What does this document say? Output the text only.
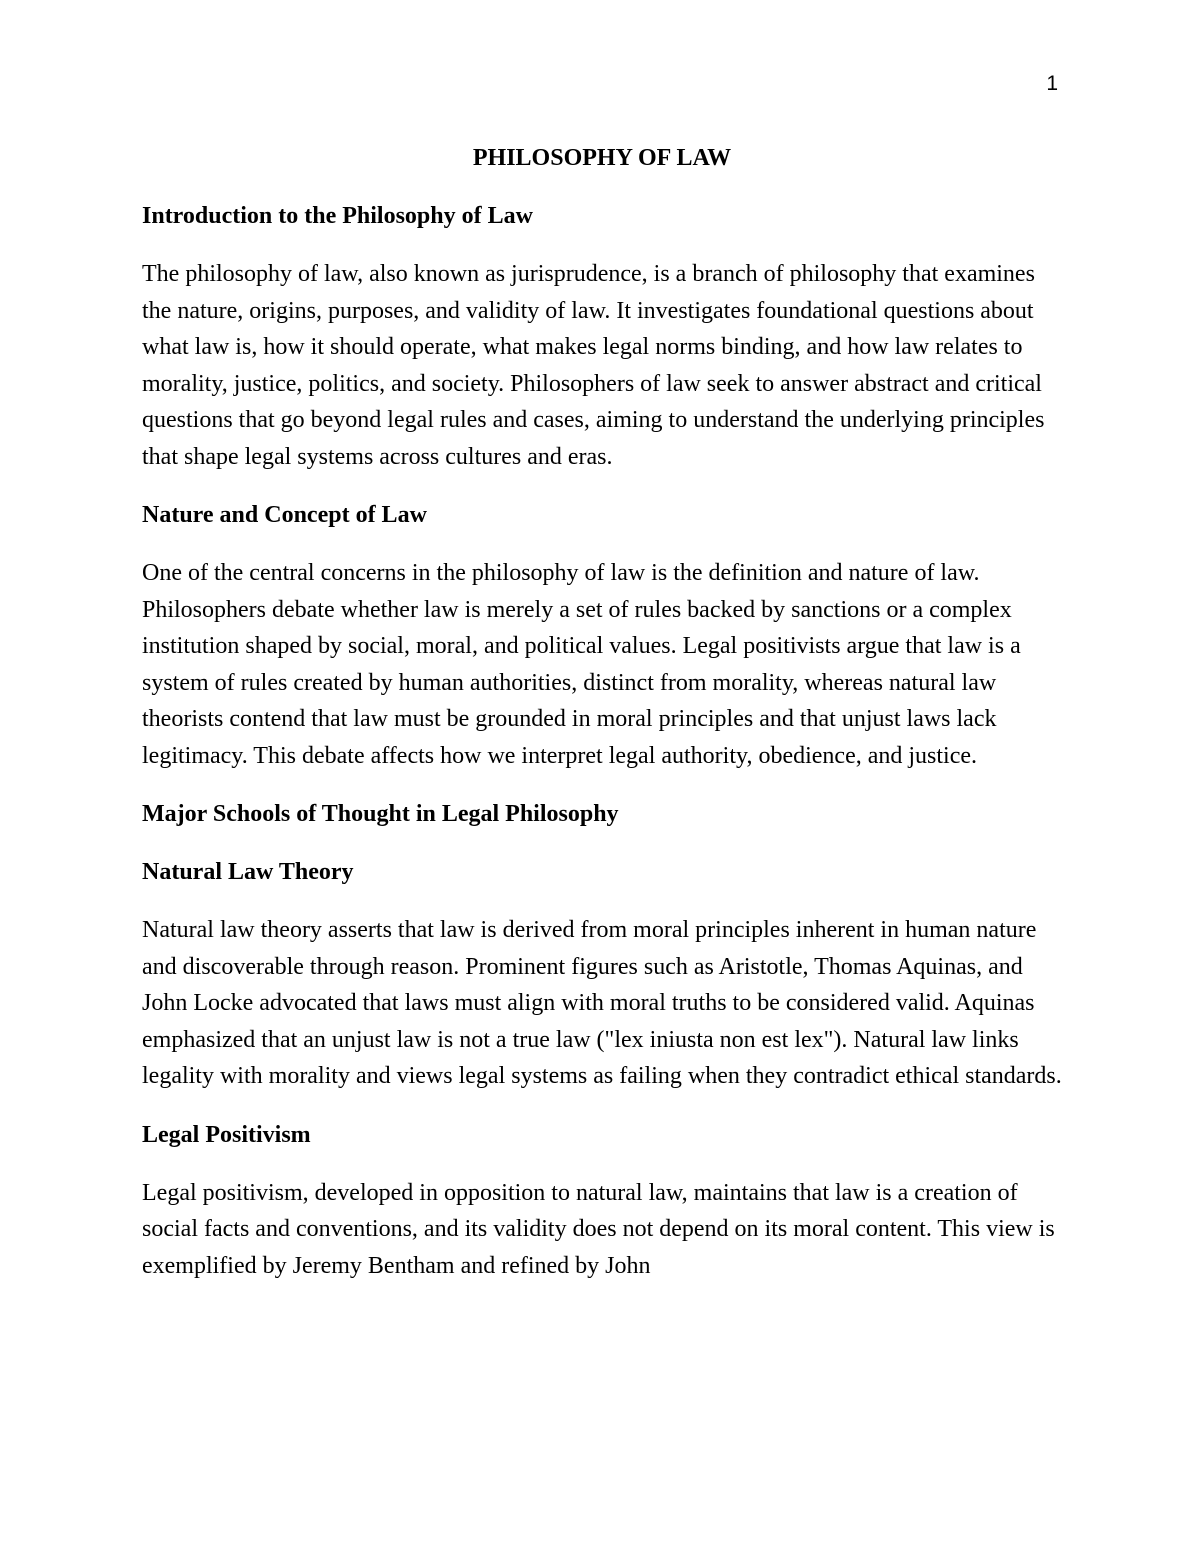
1
PHILOSOPHY OF LAW
Introduction to the Philosophy of Law
The philosophy of law, also known as jurisprudence, is a branch of philosophy that examines the nature, origins, purposes, and validity of law. It investigates foundational questions about what law is, how it should operate, what makes legal norms binding, and how law relates to morality, justice, politics, and society. Philosophers of law seek to answer abstract and critical questions that go beyond legal rules and cases, aiming to understand the underlying principles that shape legal systems across cultures and eras.
Nature and Concept of Law
One of the central concerns in the philosophy of law is the definition and nature of law. Philosophers debate whether law is merely a set of rules backed by sanctions or a complex institution shaped by social, moral, and political values. Legal positivists argue that law is a system of rules created by human authorities, distinct from morality, whereas natural law theorists contend that law must be grounded in moral principles and that unjust laws lack legitimacy. This debate affects how we interpret legal authority, obedience, and justice.
Major Schools of Thought in Legal Philosophy
Natural Law Theory
Natural law theory asserts that law is derived from moral principles inherent in human nature and discoverable through reason. Prominent figures such as Aristotle, Thomas Aquinas, and John Locke advocated that laws must align with moral truths to be considered valid. Aquinas emphasized that an unjust law is not a true law ("lex iniusta non est lex"). Natural law links legality with morality and views legal systems as failing when they contradict ethical standards.
Legal Positivism
Legal positivism, developed in opposition to natural law, maintains that law is a creation of social facts and conventions, and its validity does not depend on its moral content. This view is exemplified by Jeremy Bentham and refined by John
